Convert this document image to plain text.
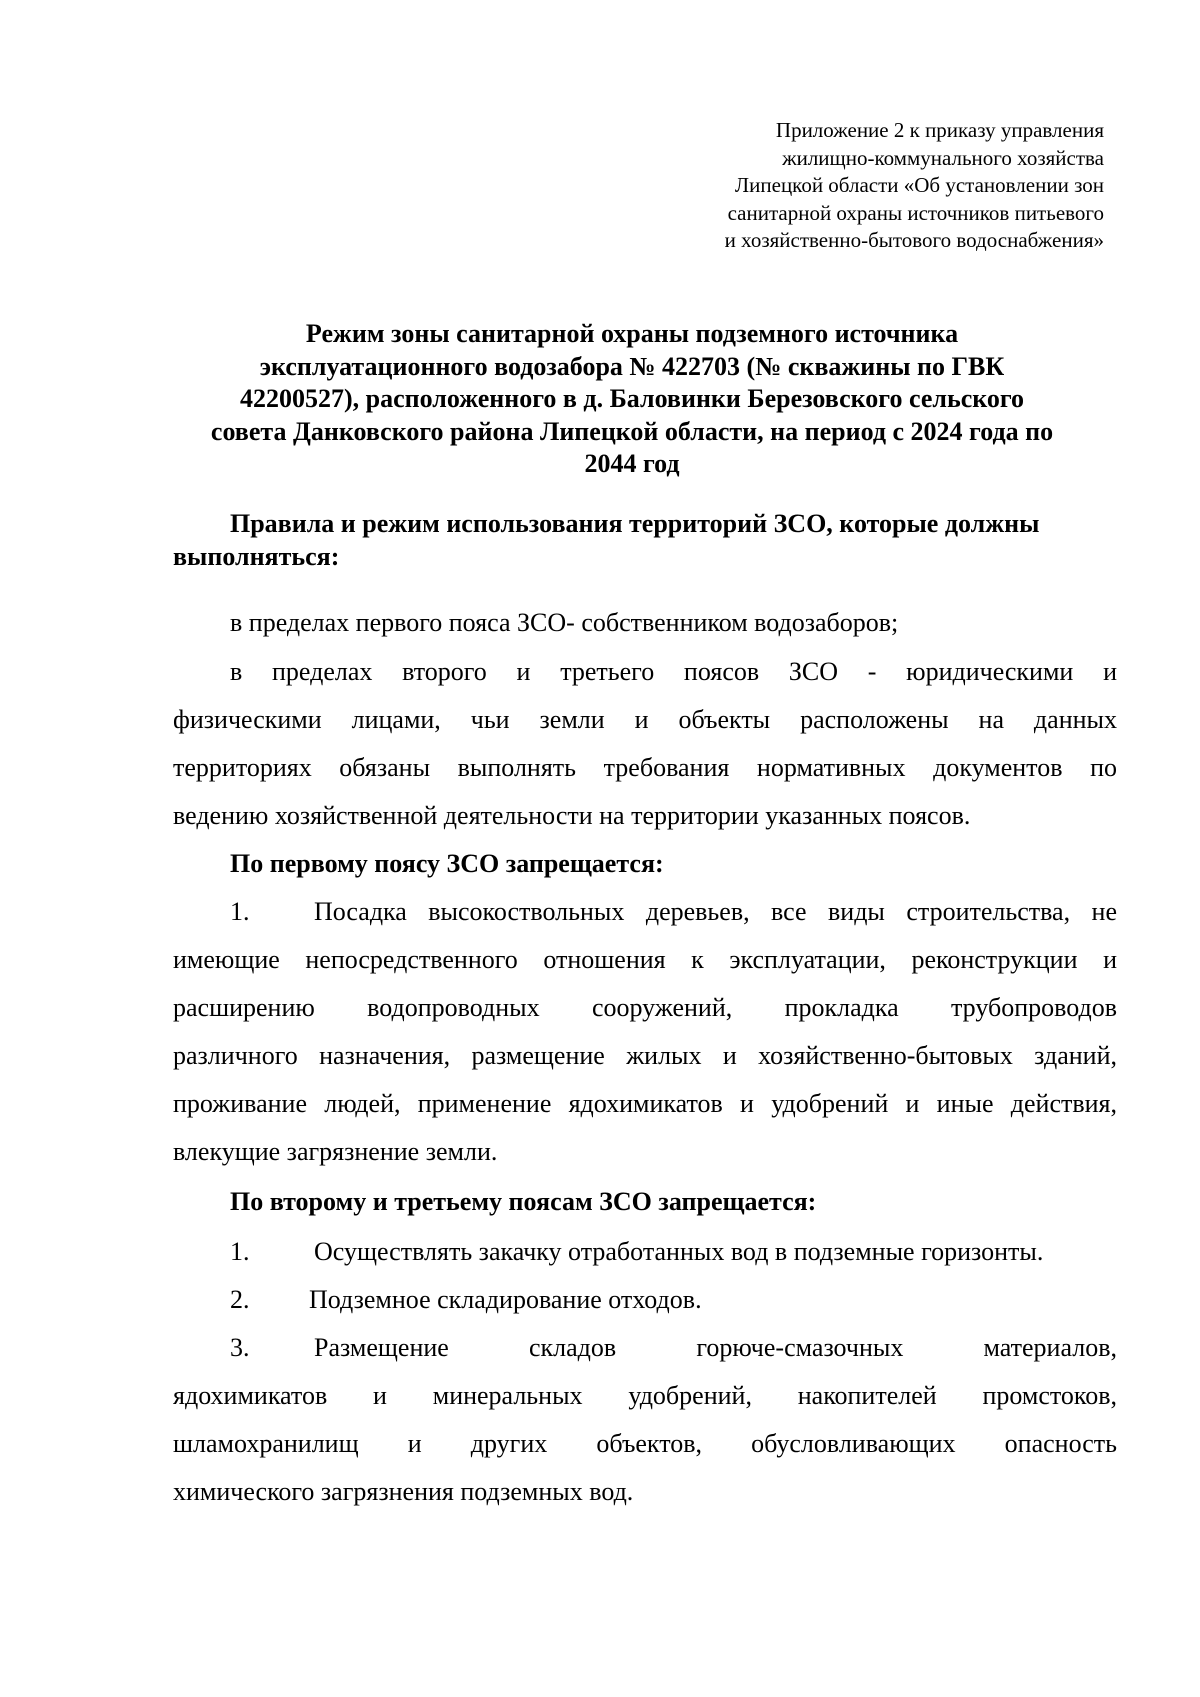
Приложение 2 к приказу управления
жилищно-коммунального хозяйства
Липецкой области «Об установлении зон
санитарной охраны источников питьевого
и хозяйственно-бытового водоснабжения»
Режим зоны санитарной охраны подземного источника
эксплуатационного водозабора № 422703 (№ скважины по ГВК
42200527), расположенного в д. Баловинки Березовского сельского
совета Данковского района Липецкой области, на период с 2024 года по
2044 год
Правила и режим использования территорий ЗСО, которые должны
выполняться:
в пределах первого пояса ЗСО- собственником водозаборов;
в пределах второго и третьего поясов ЗСО - юридическими и
физическими лицами, чьи земли и объекты расположены на данных
территориях обязаны выполнять требования нормативных документов по
ведению хозяйственной деятельности на территории указанных поясов.
По первому поясу ЗСО запрещается:
1. Посадка высокоствольных деревьев, все виды строительства, не
имеющие непосредственного отношения к эксплуатации, реконструкции и
расширению водопроводных сооружений, прокладка трубопроводов
различного назначения, размещение жилых и хозяйственно-бытовых зданий,
проживание людей, применение ядохимикатов и удобрений и иные действия,
влекущие загрязнение земли.
По второму и третьему поясам ЗСО запрещается:
1. Осуществлять закачку отработанных вод в подземные горизонты.
2. Подземное складирование отходов.
3. Размещение складов горюче-смазочных материалов,
ядохимикатов и минеральных удобрений, накопителей промстоков,
шламохранилищ и других объектов, обусловливающих опасность
химического загрязнения подземных вод.
